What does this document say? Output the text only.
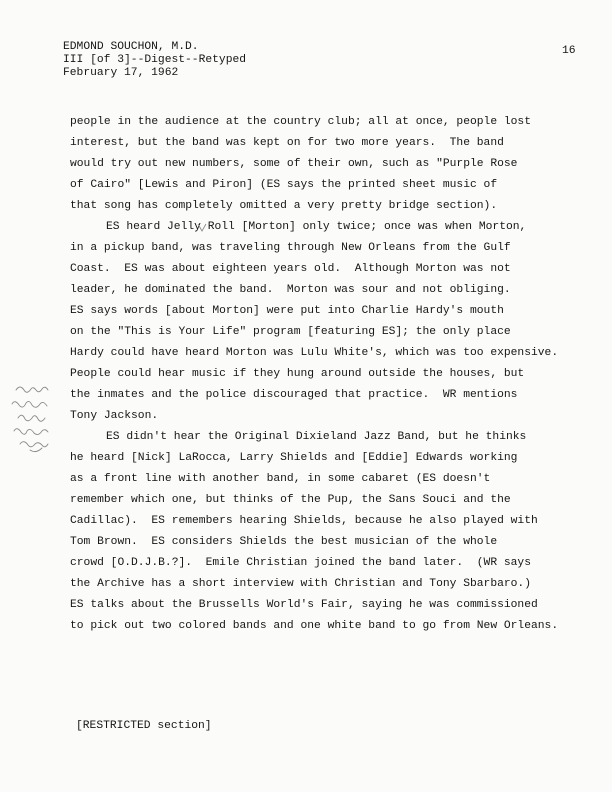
EDMOND SOUCHON, M.D.
III [of 3]--Digest--Retyped
February 17, 1962
16
people in the audience at the country club; all at once, people lost
interest, but the band was kept on for two more years.  The band
would try out new numbers, some of their own, such as "Purple Rose
of Cairo" [Lewis and Piron] (ES says the printed sheet music of
that song has completely omitted a very pretty bridge section).
ES heard Jelly Roll [Morton] only twice; once was when Morton,
in a pickup band, was traveling through New Orleans from the Gulf
Coast.  ES was about eighteen years old.  Although Morton was not
leader, he dominated the band.  Morton was sour and not obliging.
ES says words [about Morton] were put into Charlie Hardy's mouth
on the "This is Your Life" program [featuring ES]; the only place
Hardy could have heard Morton was Lulu White's, which was too expensive.
People could hear music if they hung around outside the houses, but
the inmates and the police discouraged that practice.  WR mentions
Tony Jackson.
ES didn't hear the Original Dixieland Jazz Band, but he thinks
he heard [Nick] LaRocca, Larry Shields and [Eddie] Edwards working
as a front line with another band, in some cabaret (ES doesn't
remember which one, but thinks of the Pup, the Sans Souci and the
Cadillac).  ES remembers hearing Shields, because he also played with
Tom Brown.  ES considers Shields the best musician of the whole
crowd [O.D.J.B.?].  Emile Christian joined the band later.  (WR says
the Archive has a short interview with Christian and Tony Sbarbaro.)
ES talks about the Brussells World's Fair, saying he was commissioned
to pick out two colored bands and one white band to go from New Orleans.
[RESTRICTED section]
